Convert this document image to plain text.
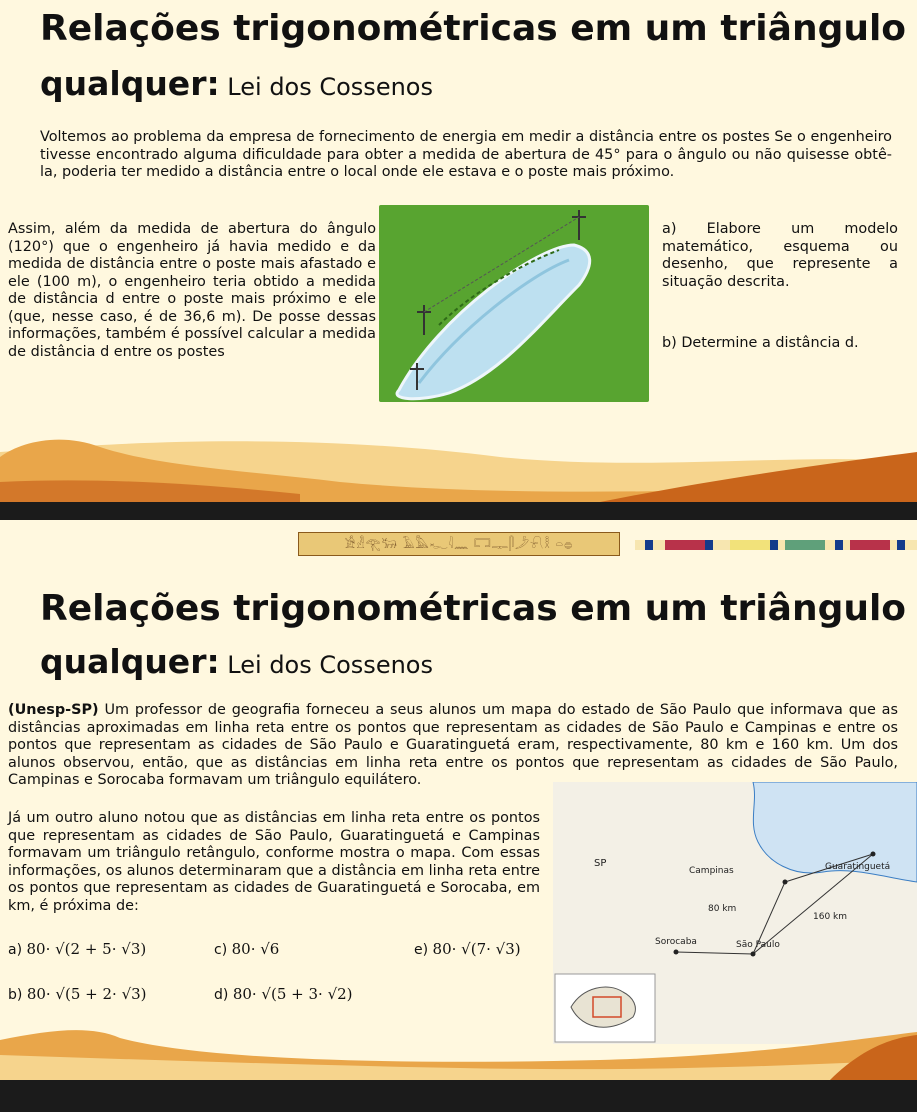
Relações trigonométricas em um triângulo
qualquer: Lei dos Cossenos
Voltemos ao problema da empresa de fornecimento de energia em medir a distância entre os postes Se o engenheiro tivesse encontrado alguma dificuldade para obter a medida de abertura de 45° para o ângulo ou não quisesse obtê-la, poderia ter medido a distância entre o local onde ele estava e o poste mais próximo.
Assim, além da medida de abertura do ângulo (120°) que o engenheiro já havia medido e da medida de distância entre o poste mais afastado e ele (100 m), o engenheiro teria obtido a medida de distância d entre o poste mais próximo e ele (que, nesse caso, é de 36,6 m). De posse dessas informações, também é possível calcular a medida de distância d entre os postes
a) Elabore um modelo matemático, esquema ou desenho, que represente a situação descrita.
b) Determine a distância d.
𓀀𓁐𓂀𓃒 𓄿𓅓𓆑𓇋𓈖 𓉐𓊃𓋴𓌳𓍯𓎛 𓏏𓐍
Relações trigonométricas em um triângulo
qualquer: Lei dos Cossenos
(Unesp-SP) Um professor de geografia forneceu a seus alunos um mapa do estado de São Paulo que informava que as distâncias aproximadas em linha reta entre os pontos que representam as cidades de São Paulo e Campinas e entre os pontos que representam as cidades de São Paulo e Guaratinguetá eram, respectivamente, 80 km e 160 km. Um dos alunos observou, então, que as distâncias em linha reta entre os pontos que representam as cidades de São Paulo, Campinas e Sorocaba formavam um triângulo equilátero.
Já um outro aluno notou que as distâncias em linha reta entre os pontos que representam as cidades de São Paulo, Guaratinguetá e Campinas formavam um triângulo retângulo, conforme mostra o mapa. Com essas informações, os alunos determinaram que a distância em linha reta entre os pontos que representam as cidades de Guaratinguetá e Sorocaba, em km, é próxima de:
a) 80· √(2 + 5· √3)	c) 80· √6	e) 80· √(7· √3)
b) 80· √(5 + 2· √3)	d) 80· √(5 + 3· √2)
SP
Campinas	Guaratinguetá
80 km
160 km
Sorocaba	São Paulo
